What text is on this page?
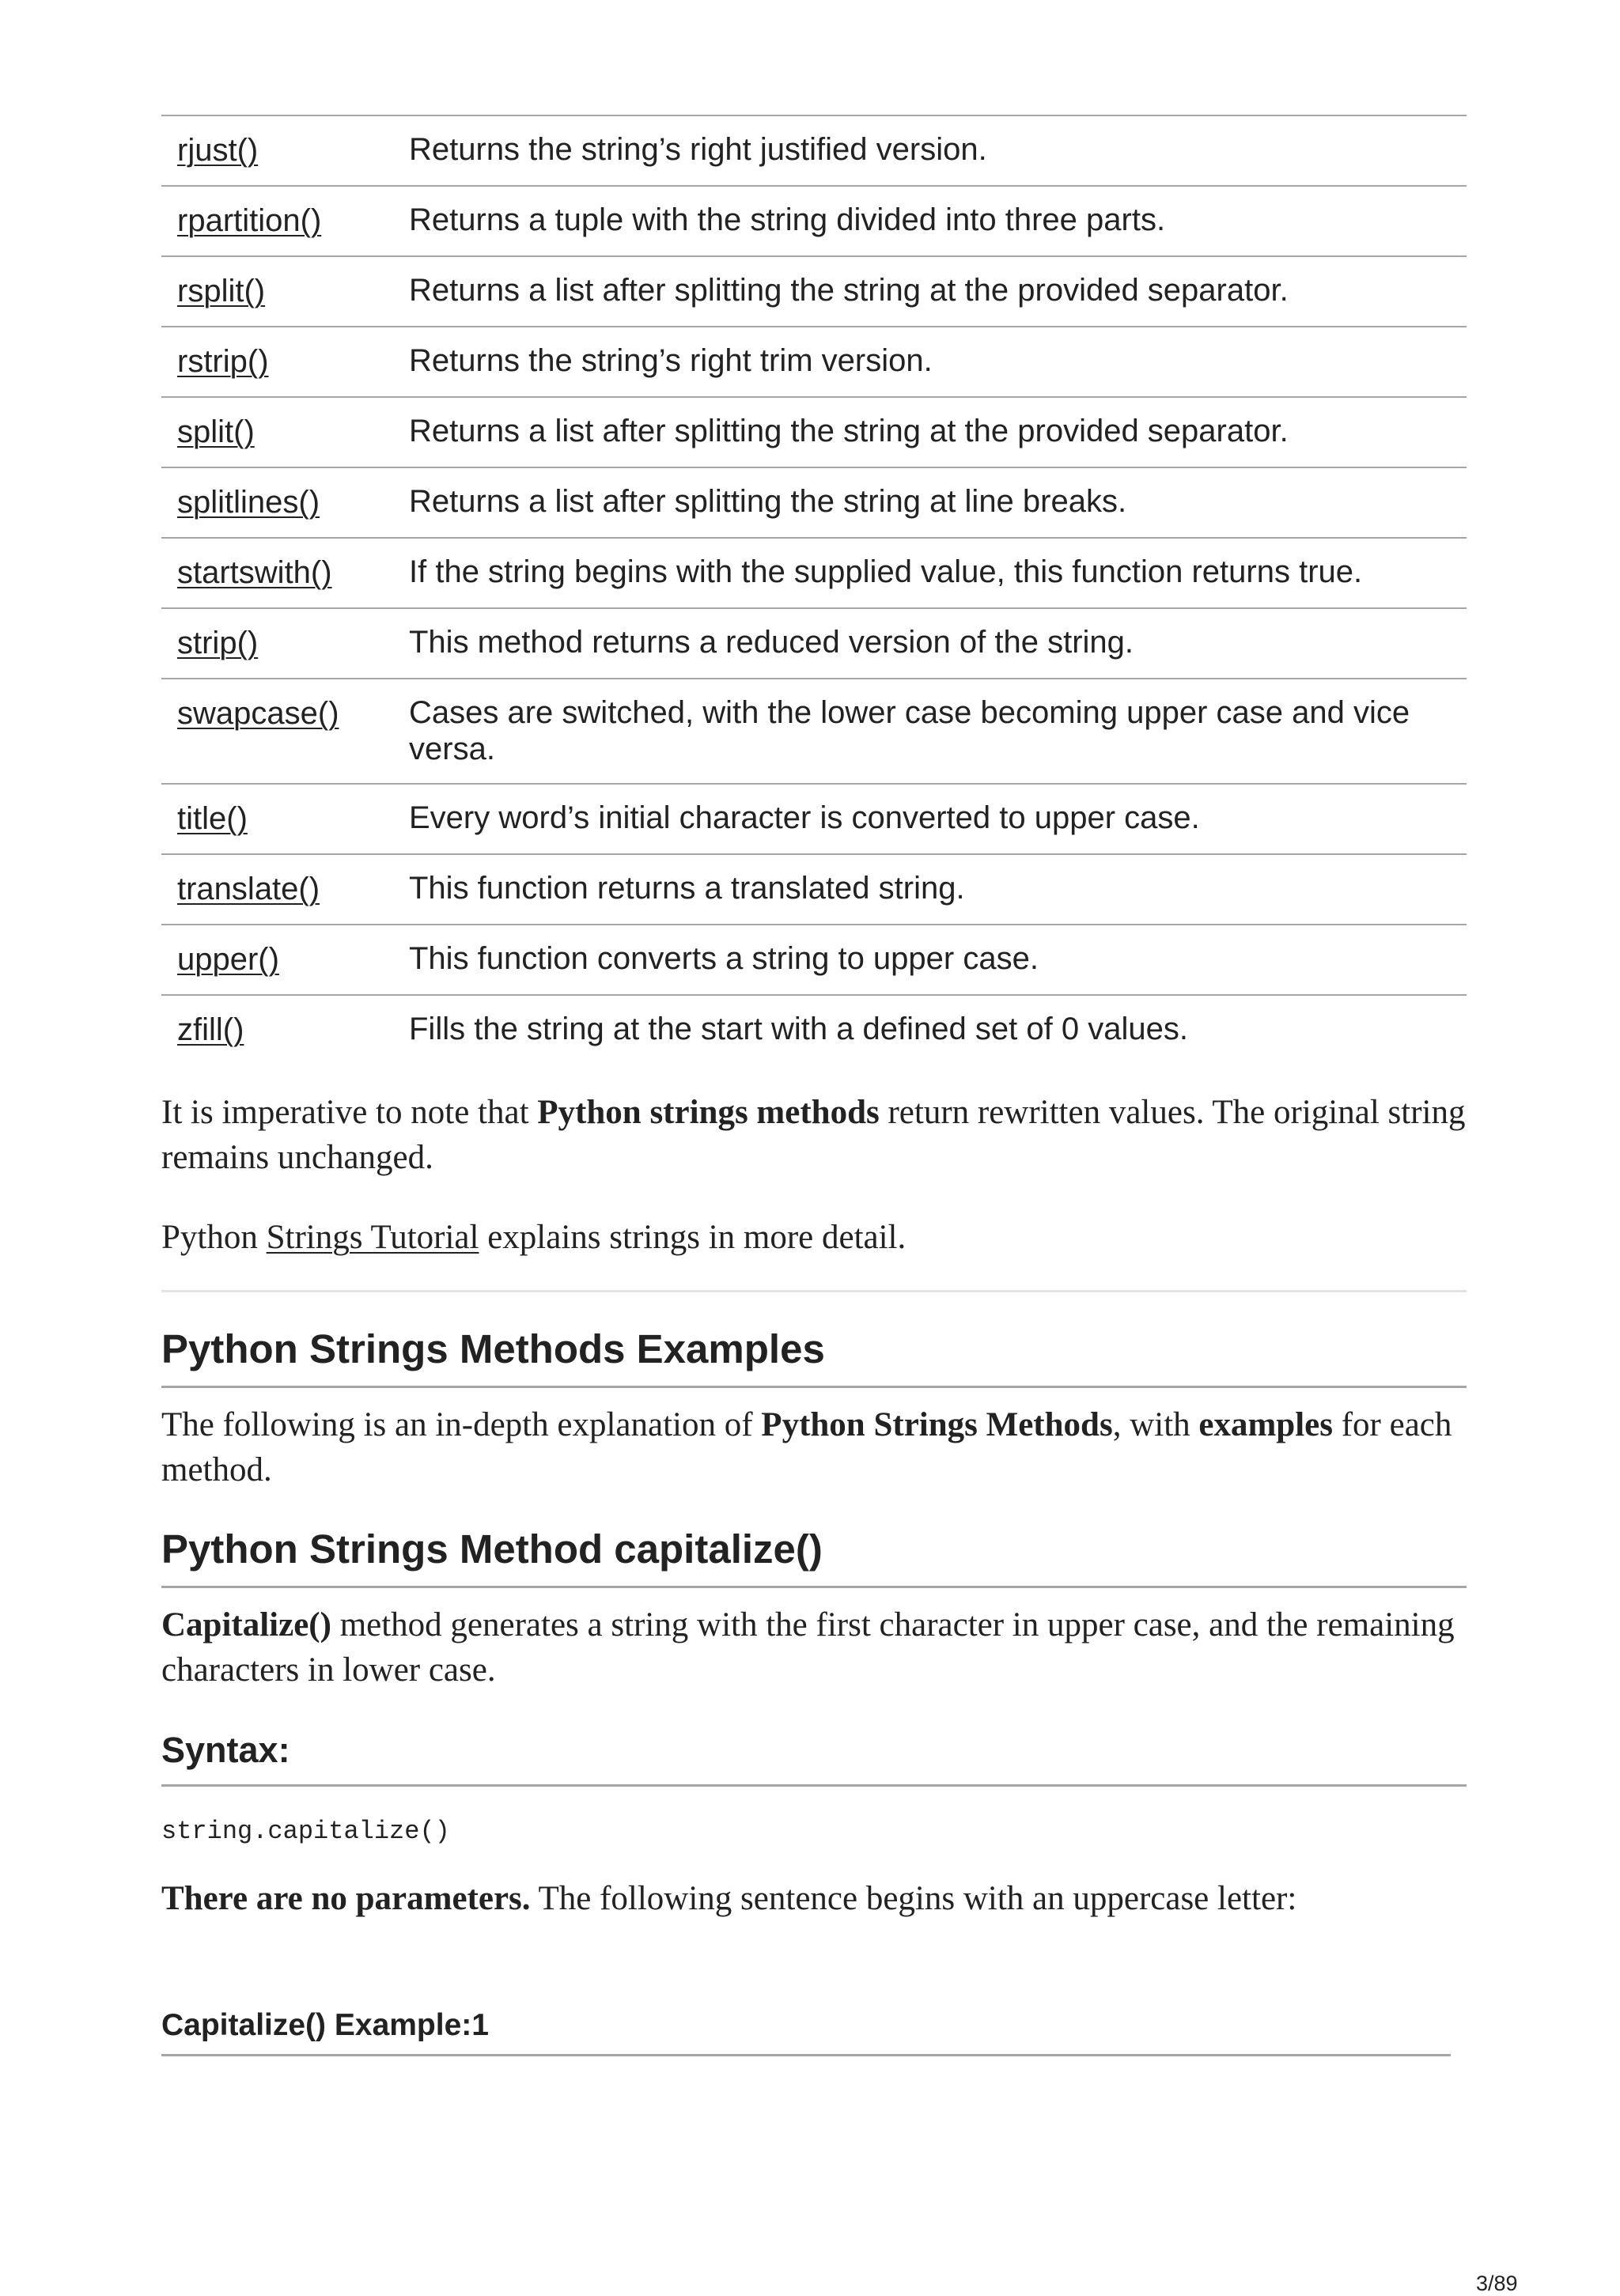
rjust()	Returns the string’s right justified version.
rpartition()	Returns a tuple with the string divided into three parts.
rsplit()	Returns a list after splitting the string at the provided separator.
rstrip()	Returns the string’s right trim version.
split()	Returns a list after splitting the string at the provided separator.
splitlines()	Returns a list after splitting the string at line breaks.
startswith()	If the string begins with the supplied value, this function returns true.
strip()	This method returns a reduced version of the string.
swapcase()	Cases are switched, with the lower case becoming upper case and vice versa.
title()	Every word’s initial character is converted to upper case.
translate()	This function returns a translated string.
upper()	This function converts a string to upper case.
zfill()	Fills the string at the start with a defined set of 0 values.

It is imperative to note that Python strings methods return rewritten values. The original string remains unchanged.

Python Strings Tutorial explains strings in more detail.

Python Strings Methods Examples

The following is an in-depth explanation of Python Strings Methods, with examples for each method.

Python Strings Method capitalize()

Capitalize() method generates a string with the first character in upper case, and the remaining characters in lower case.

Syntax:
string.capitalize()

There are no parameters. The following sentence begins with an uppercase letter:

Capitalize() Example:1
3/89
